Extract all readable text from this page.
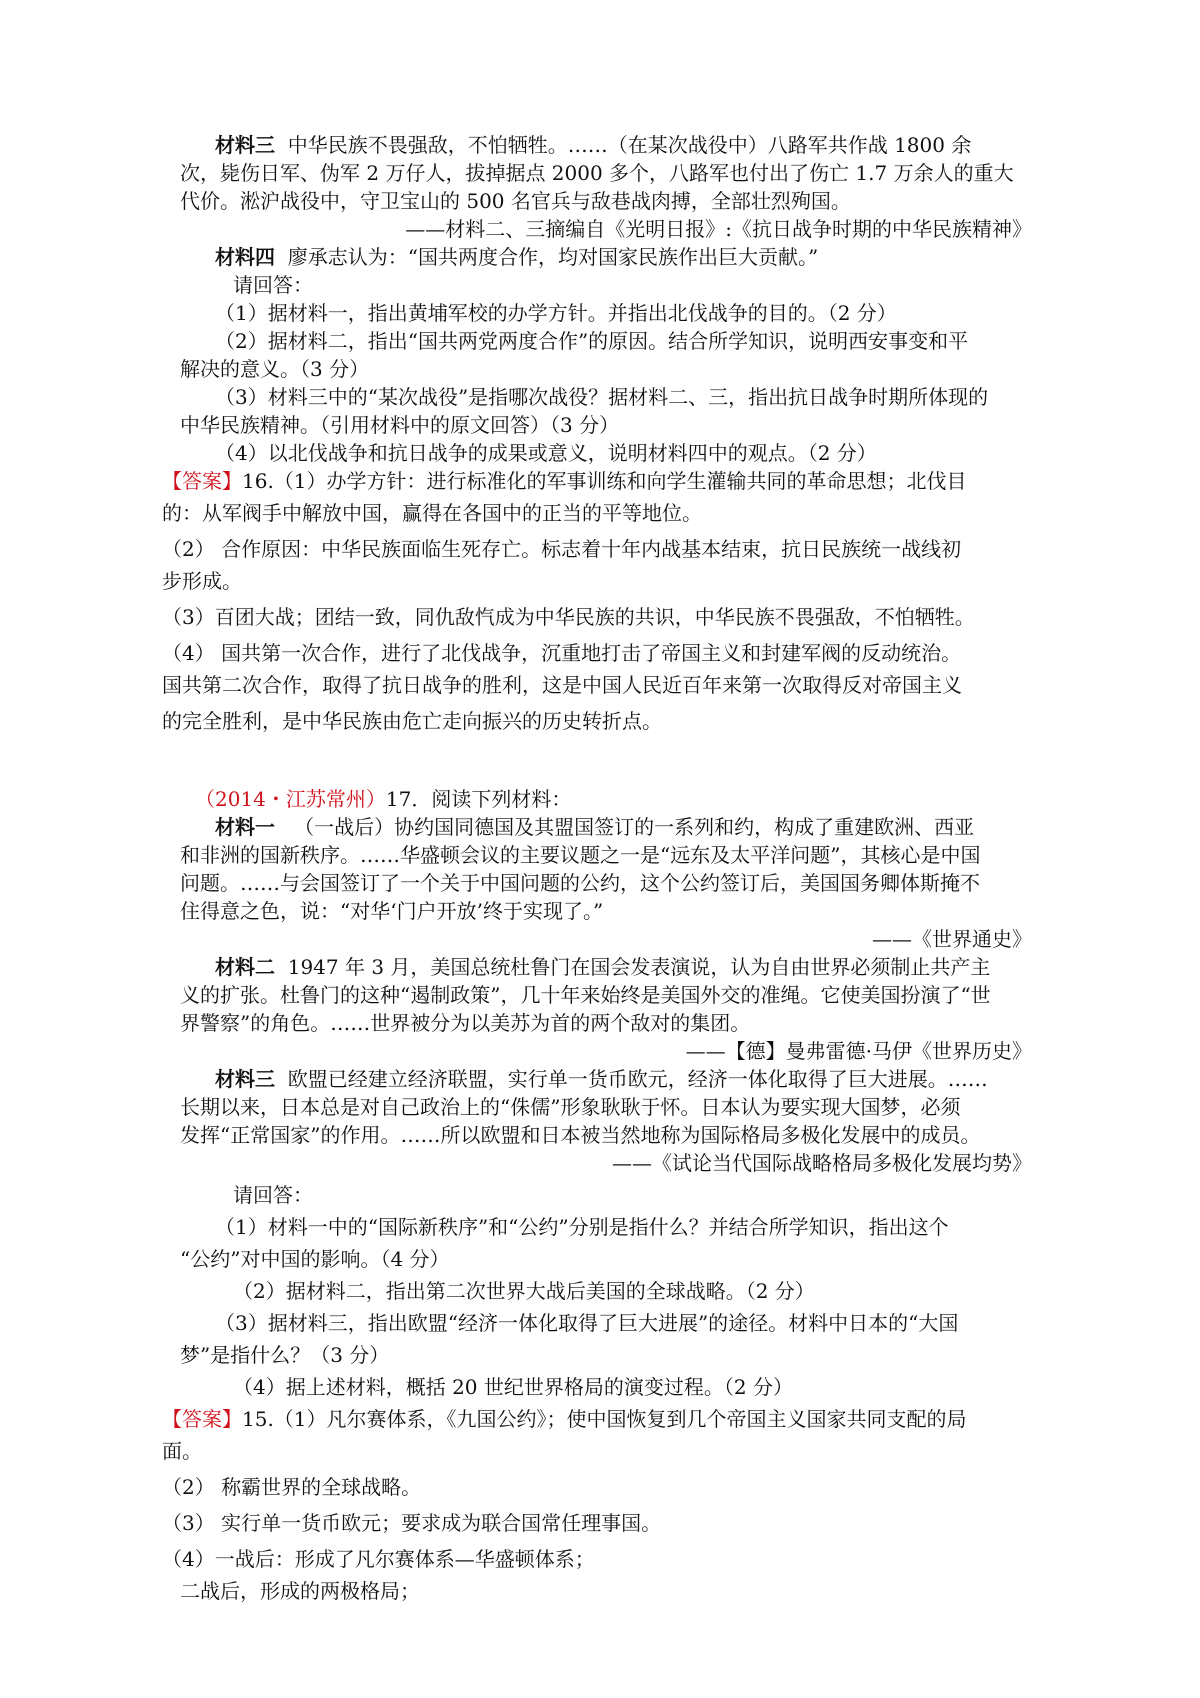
材料三 中华民族不畏强敌，不怕牺牲。……（在某次战役中）八路军共作战 1800 余
次，毙伤日军、伪军 2 万仔人，拔掉据点 2000 多个，八路军也付出了伤亡 1.7 万余人的重大
代价。淞沪战役中，守卫宝山的 500 名官兵与敌巷战肉搏，全部壮烈殉国。
——材料二、三摘编自《光明日报》:《抗日战争时期的中华民族精神》
材料四 廖承志认为：“国共两度合作，均对国家民族作出巨大贡献。”
请回答：
（1）据材料一，指出黄埔军校的办学方针。并指出北伐战争的目的。（2 分）
（2）据材料二，指出“国共两党两度合作”的原因。结合所学知识，说明西安事变和平
解决的意义。（3 分）
（3）材料三中的“某次战役”是指哪次战役？据材料二、三，指出抗日战争时期所体现的
中华民族精神。（引用材料中的原文回答）（3 分）
（4）以北伐战争和抗日战争的成果或意义，说明材料四中的观点。（2 分）
【答案】16.（1）办学方针：进行标准化的军事训练和向学生灌输共同的革命思想；北伐目
的：从军阀手中解放中国，赢得在各国中的正当的平等地位。
（2） 合作原因：中华民族面临生死存亡。标志着十年内战基本结束，抗日民族统一战线初
步形成。
（3）百团大战；团结一致，同仇敌忾成为中华民族的共识，中华民族不畏强敌，不怕牺牲。
（4） 国共第一次合作，进行了北伐战争，沉重地打击了帝国主义和封建军阀的反动统治。
国共第二次合作，取得了抗日战争的胜利，这是中国人民近百年来第一次取得反对帝国主义
的完全胜利，是中华民族由危亡走向振兴的历史转折点。
（2014・江苏常州）17．阅读下列材料：
材料一 （一战后）协约国同德国及其盟国签订的一系列和约，构成了重建欧洲、西亚
和非洲的国新秩序。……华盛顿会议的主要议题之一是“远东及太平洋问题”，其核心是中国
问题。……与会国签订了一个关于中国问题的公约，这个公约签订后，美国国务卿体斯掩不
住得意之色，说：“对华‘门户开放’终于实现了。”
——《世界通史》
材料二 1947 年 3 月，美国总统杜鲁门在国会发表演说，认为自由世界必须制止共产主
义的扩张。杜鲁门的这种“遏制政策”，几十年来始终是美国外交的准绳。它使美国扮演了“世
界警察”的角色。……世界被分为以美苏为首的两个敌对的集团。
——【德】曼弗雷德·马伊《世界历史》
材料三 欧盟已经建立经济联盟，实行单一货币欧元，经济一体化取得了巨大进展。……
长期以来，日本总是对自己政治上的“侏儒”形象耿耿于怀。日本认为要实现大国梦，必须
发挥“正常国家”的作用。……所以欧盟和日本被当然地称为国际格局多极化发展中的成员。
——《试论当代国际战略格局多极化发展均势》
请回答：
（1）材料一中的“国际新秩序”和“公约”分别是指什么？并结合所学知识，指出这个
“公约”对中国的影响。（4 分）
（2）据材料二，指出第二次世界大战后美国的全球战略。（2 分）
（3）据材料三，指出欧盟“经济一体化取得了巨大进展”的途径。材料中日本的“大国
梦”是指什么？（3 分）
（4）据上述材料，概括 20 世纪世界格局的演变过程。（2 分）
【答案】15.（1）凡尔赛体系，《九国公约》；使中国恢复到几个帝国主义国家共同支配的局
面。
（2） 称霸世界的全球战略。
（3） 实行单一货币欧元；要求成为联合国常任理事国。
（4）一战后：形成了凡尔赛体系—华盛顿体系；
二战后，形成的两极格局；
